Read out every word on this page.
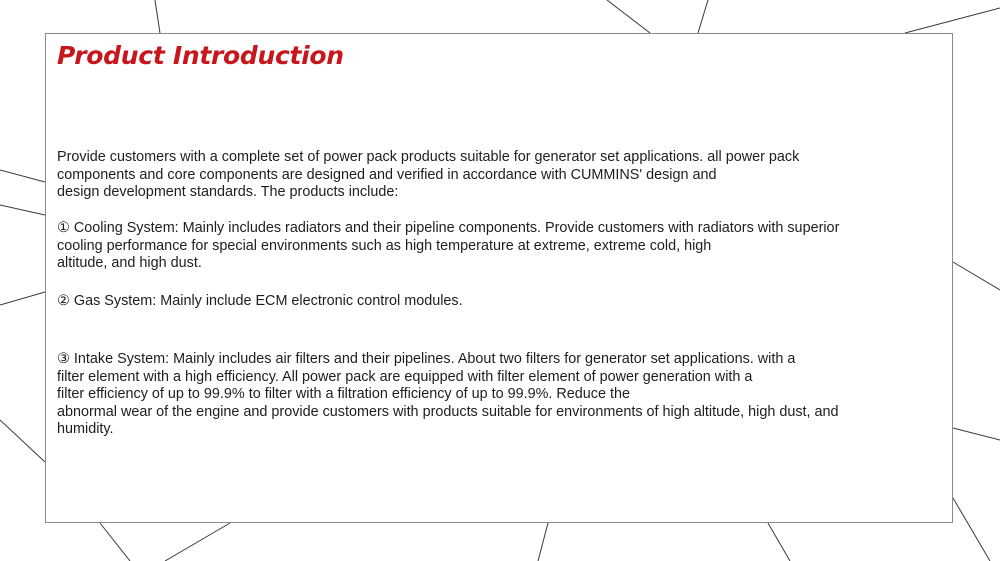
Product Introduction

Provide customers with a complete set of power pack products suitable for generator set applications. all power pack
components and core components are designed and verified in accordance with CUMMINS' design and
design development standards. The products include:

① Cooling System: Mainly includes radiators and their pipeline components. Provide customers with radiators with superior
cooling performance for special environments such as high temperature at extreme, extreme cold, high
altitude, and high dust.

② Gas System: Mainly include ECM electronic control modules.

③ Intake System: Mainly includes air filters and their pipelines. About two filters for generator set applications. with a
filter element with a high efficiency. All power pack are equipped with filter element of power generation with a
filter efficiency of up to 99.9% to filter with a filtration efficiency of up to 99.9%. Reduce the
abnormal wear of the engine and provide customers with products suitable for environments of high altitude, high dust, and
humidity.
